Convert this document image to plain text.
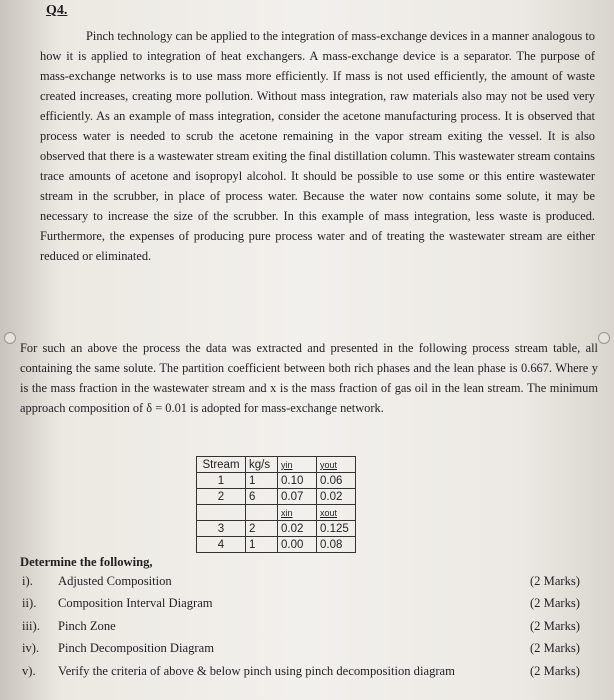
Q4.

Pinch technology can be applied to the integration of mass-exchange devices in a manner analogous to how it is applied to integration of heat exchangers. A mass-exchange device is a separator. The purpose of mass-exchange networks is to use mass more efficiently. If mass is not used efficiently, the amount of waste created increases, creating more pollution. Without mass integration, raw materials also may not be used very efficiently. As an example of mass integration, consider the acetone manufacturing process. It is observed that process water is needed to scrub the acetone remaining in the vapor stream exiting the vessel. It is also observed that there is a wastewater stream exiting the final distillation column. This wastewater stream contains trace amounts of acetone and isopropyl alcohol. It should be possible to use some or this entire wastewater stream in the scrubber, in place of process water. Because the water now contains some solute, it may be necessary to increase the size of the scrubber. In this example of mass integration, less waste is produced. Furthermore, the expenses of producing pure process water and of treating the wastewater stream are either reduced or eliminated.

For such an above the process the data was extracted and presented in the following process stream table, all containing the same solute. The partition coefficient between both rich phases and the lean phase is 0.667. Where y is the mass fraction in the wastewater stream and x is the mass fraction of gas oil in the lean stream. The minimum approach composition of δ = 0.01 is adopted for mass-exchange network.

Stream	kg/s	yin	yout
1	1	0.10	0.06
2	6	0.07	0.02
		xin	xout
3	2	0.02	0.125
4	1	0.00	0.08
Determine the following,
i).	Adjusted Composition	(2 Marks)
ii).	Composition Interval Diagram	(2 Marks)
iii).	Pinch Zone	(2 Marks)
iv).	Pinch Decomposition Diagram	(2 Marks)
v).	Verify the criteria of above & below pinch using pinch decomposition diagram	(2 Marks)
